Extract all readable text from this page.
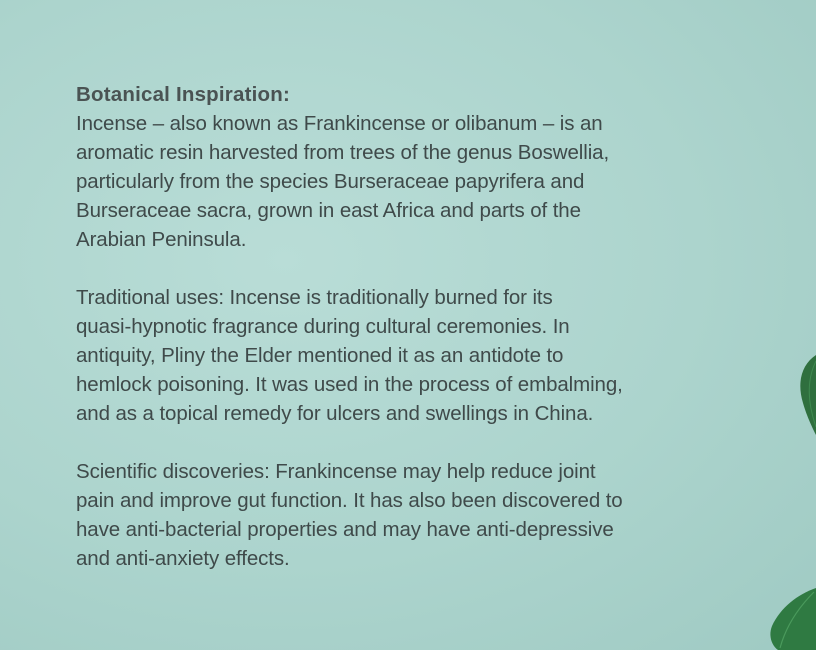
Botanical Inspiration:
Incense – also known as Frankincense or olibanum – is an
aromatic resin harvested from trees of the genus Boswellia,
particularly from the species Burseraceae papyrifera and
Burseraceae sacra, grown in east Africa and parts of the
Arabian Peninsula.
Traditional uses: Incense is traditionally burned for its
quasi-hypnotic fragrance during cultural ceremonies. In
antiquity, Pliny the Elder mentioned it as an antidote to
hemlock poisoning. It was used in the process of embalming,
and as a topical remedy for ulcers and swellings in China.
Scientific discoveries: Frankincense may help reduce joint
pain and improve gut function. It has also been discovered to
have anti-bacterial properties and may have anti-depressive
and anti-anxiety effects.
